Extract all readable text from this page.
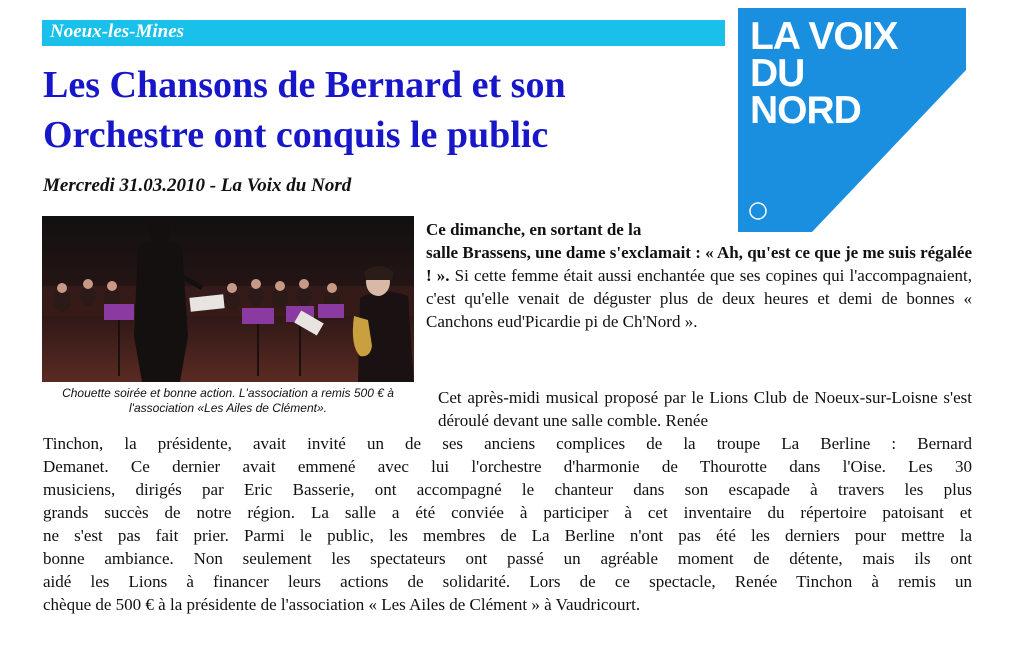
Noeux-les-Mines
Les Chansons de Bernard et son Orchestre ont conquis le public
Mercredi 31.03.2010 - La Voix du Nord
LA VOIX
DU
NORD
Chouette soirée et bonne action. L'association a remis 500 € à l'association «Les Ailes de Clément».
Ce dimanche, en sortant de la
salle Brassens, une dame s'exclamait : « Ah, qu'est ce que je me suis régalée ! ». Si cette femme était aussi enchantée que ses copines qui l'accompagnaient, c'est qu'elle venait de déguster plus de deux heures et demi de bonnes « Canchons eud'Picardie pi de Ch'Nord ».
Cet après-midi musical proposé par le Lions Club de Noeux-sur-Loisne s'est déroulé devant une salle comble. Renée
Tinchon, la présidente, avait invité un de ses anciens complices de la troupe La Berline : Bernard
Demanet. Ce dernier avait emmené avec lui l'orchestre d'harmonie de Thourotte dans l'Oise. Les 30
musiciens, dirigés par Eric Basserie, ont accompagné le chanteur dans son escapade à travers les plus
grands succès de notre région. La salle a été conviée à participer à cet inventaire du répertoire patoisant et
ne s'est pas fait prier. Parmi le public, les membres de La Berline n'ont pas été les derniers pour mettre la
bonne ambiance. Non seulement les spectateurs ont passé un agréable moment de détente, mais ils ont
aidé les Lions à financer leurs actions de solidarité. Lors de ce spectacle, Renée Tinchon à remis un
chèque de 500 € à la présidente de l'association « Les Ailes de Clément » à Vaudricourt.
